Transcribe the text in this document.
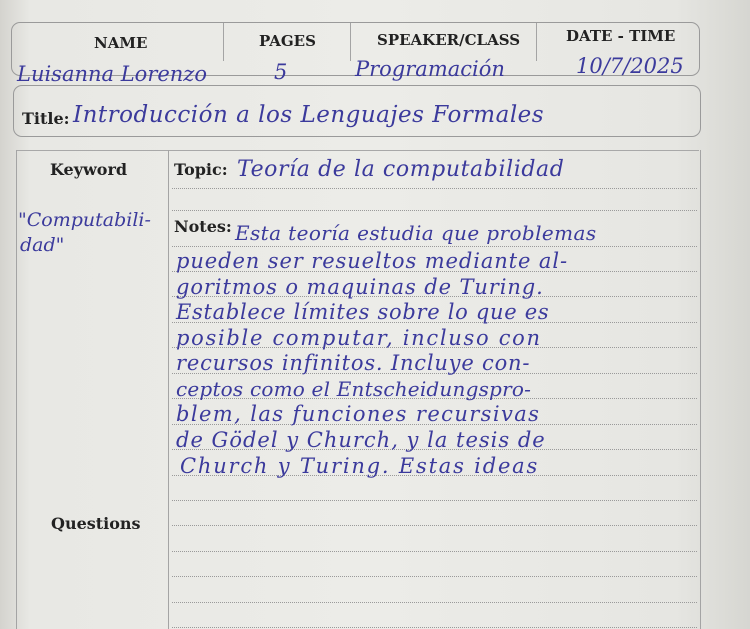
NAME	PAGES	SPEAKER/CLASS	DATE - TIME
Luisanna Lorenzo	5	Programación	10/7/2025
Title: Introducción a los Lenguajes Formales
Keyword
"Computabili-
dad"
Questions
Topic: Teoría de la computabilidad
Notes: Esta teoría estudia que problemas
pueden ser resueltos mediante al-
goritmos o maquinas de Turing.
Establece límites sobre lo que es
posible computar, incluso con
recursos infinitos. Incluye con-
ceptos como el Entscheidungspro-
blem, las funciones recursivas
de Gödel y Church, y la tesis de
Church y Turing. Estas ideas
